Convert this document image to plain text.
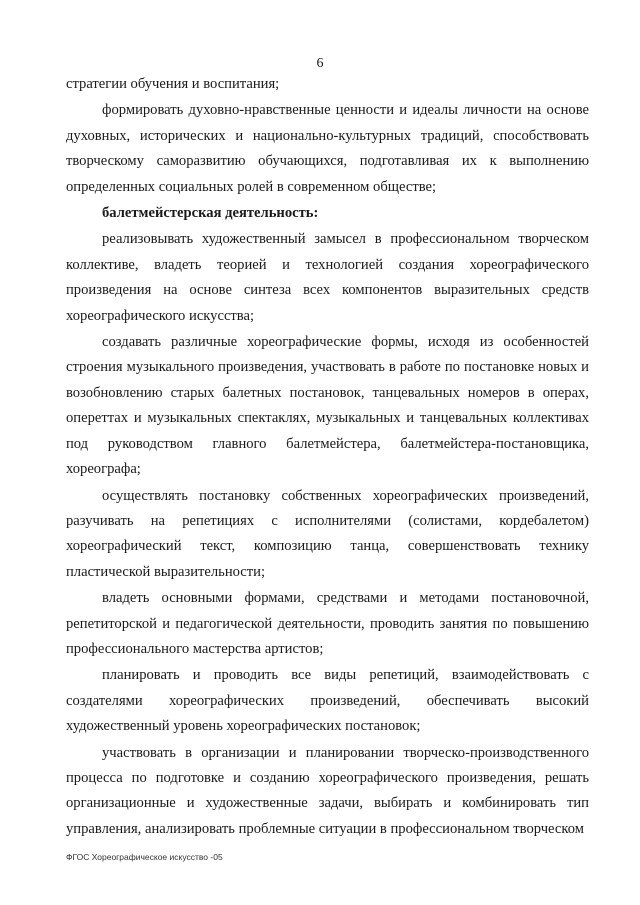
6

стратегии обучения и воспитания;

формировать духовно-нравственные ценности и идеалы личности на основе духовных, исторических и национально-культурных традиций, способствовать творческому саморазвитию обучающихся, подготавливая их к выполнению определенных социальных ролей в современном обществе;

балетмейстерская деятельность:

реализовывать художественный замысел в профессиональном творческом коллективе, владеть теорией и технологией создания хореографического произведения на основе синтеза всех компонентов выразительных средств хореографического искусства;

создавать различные хореографические формы, исходя из особенностей строения музыкального произведения, участвовать в работе по постановке новых и возобновлению старых балетных постановок, танцевальных номеров в операх, опереттах и музыкальных спектаклях, музыкальных и танцевальных коллективах под руководством главного балетмейстера, балетмейстера-постановщика, хореографа;

осуществлять постановку собственных хореографических произведений, разучивать на репетициях с исполнителями (солистами, кордебалетом) хореографический текст, композицию танца, совершенствовать технику пластической выразительности;

владеть основными формами, средствами и методами постановочной, репетиторской и педагогической деятельности, проводить занятия по повышению профессионального мастерства артистов;

планировать и проводить все виды репетиций, взаимодействовать с создателями хореографических произведений, обеспечивать высокий художественный уровень хореографических постановок;

участвовать в организации и планировании творческо-производственного процесса по подготовке и созданию хореографического произведения, решать организационные и художественные задачи, выбирать и комбинировать тип управления, анализировать проблемные ситуации в профессиональном творческом

ФГОС Хореографическое искусство -05
